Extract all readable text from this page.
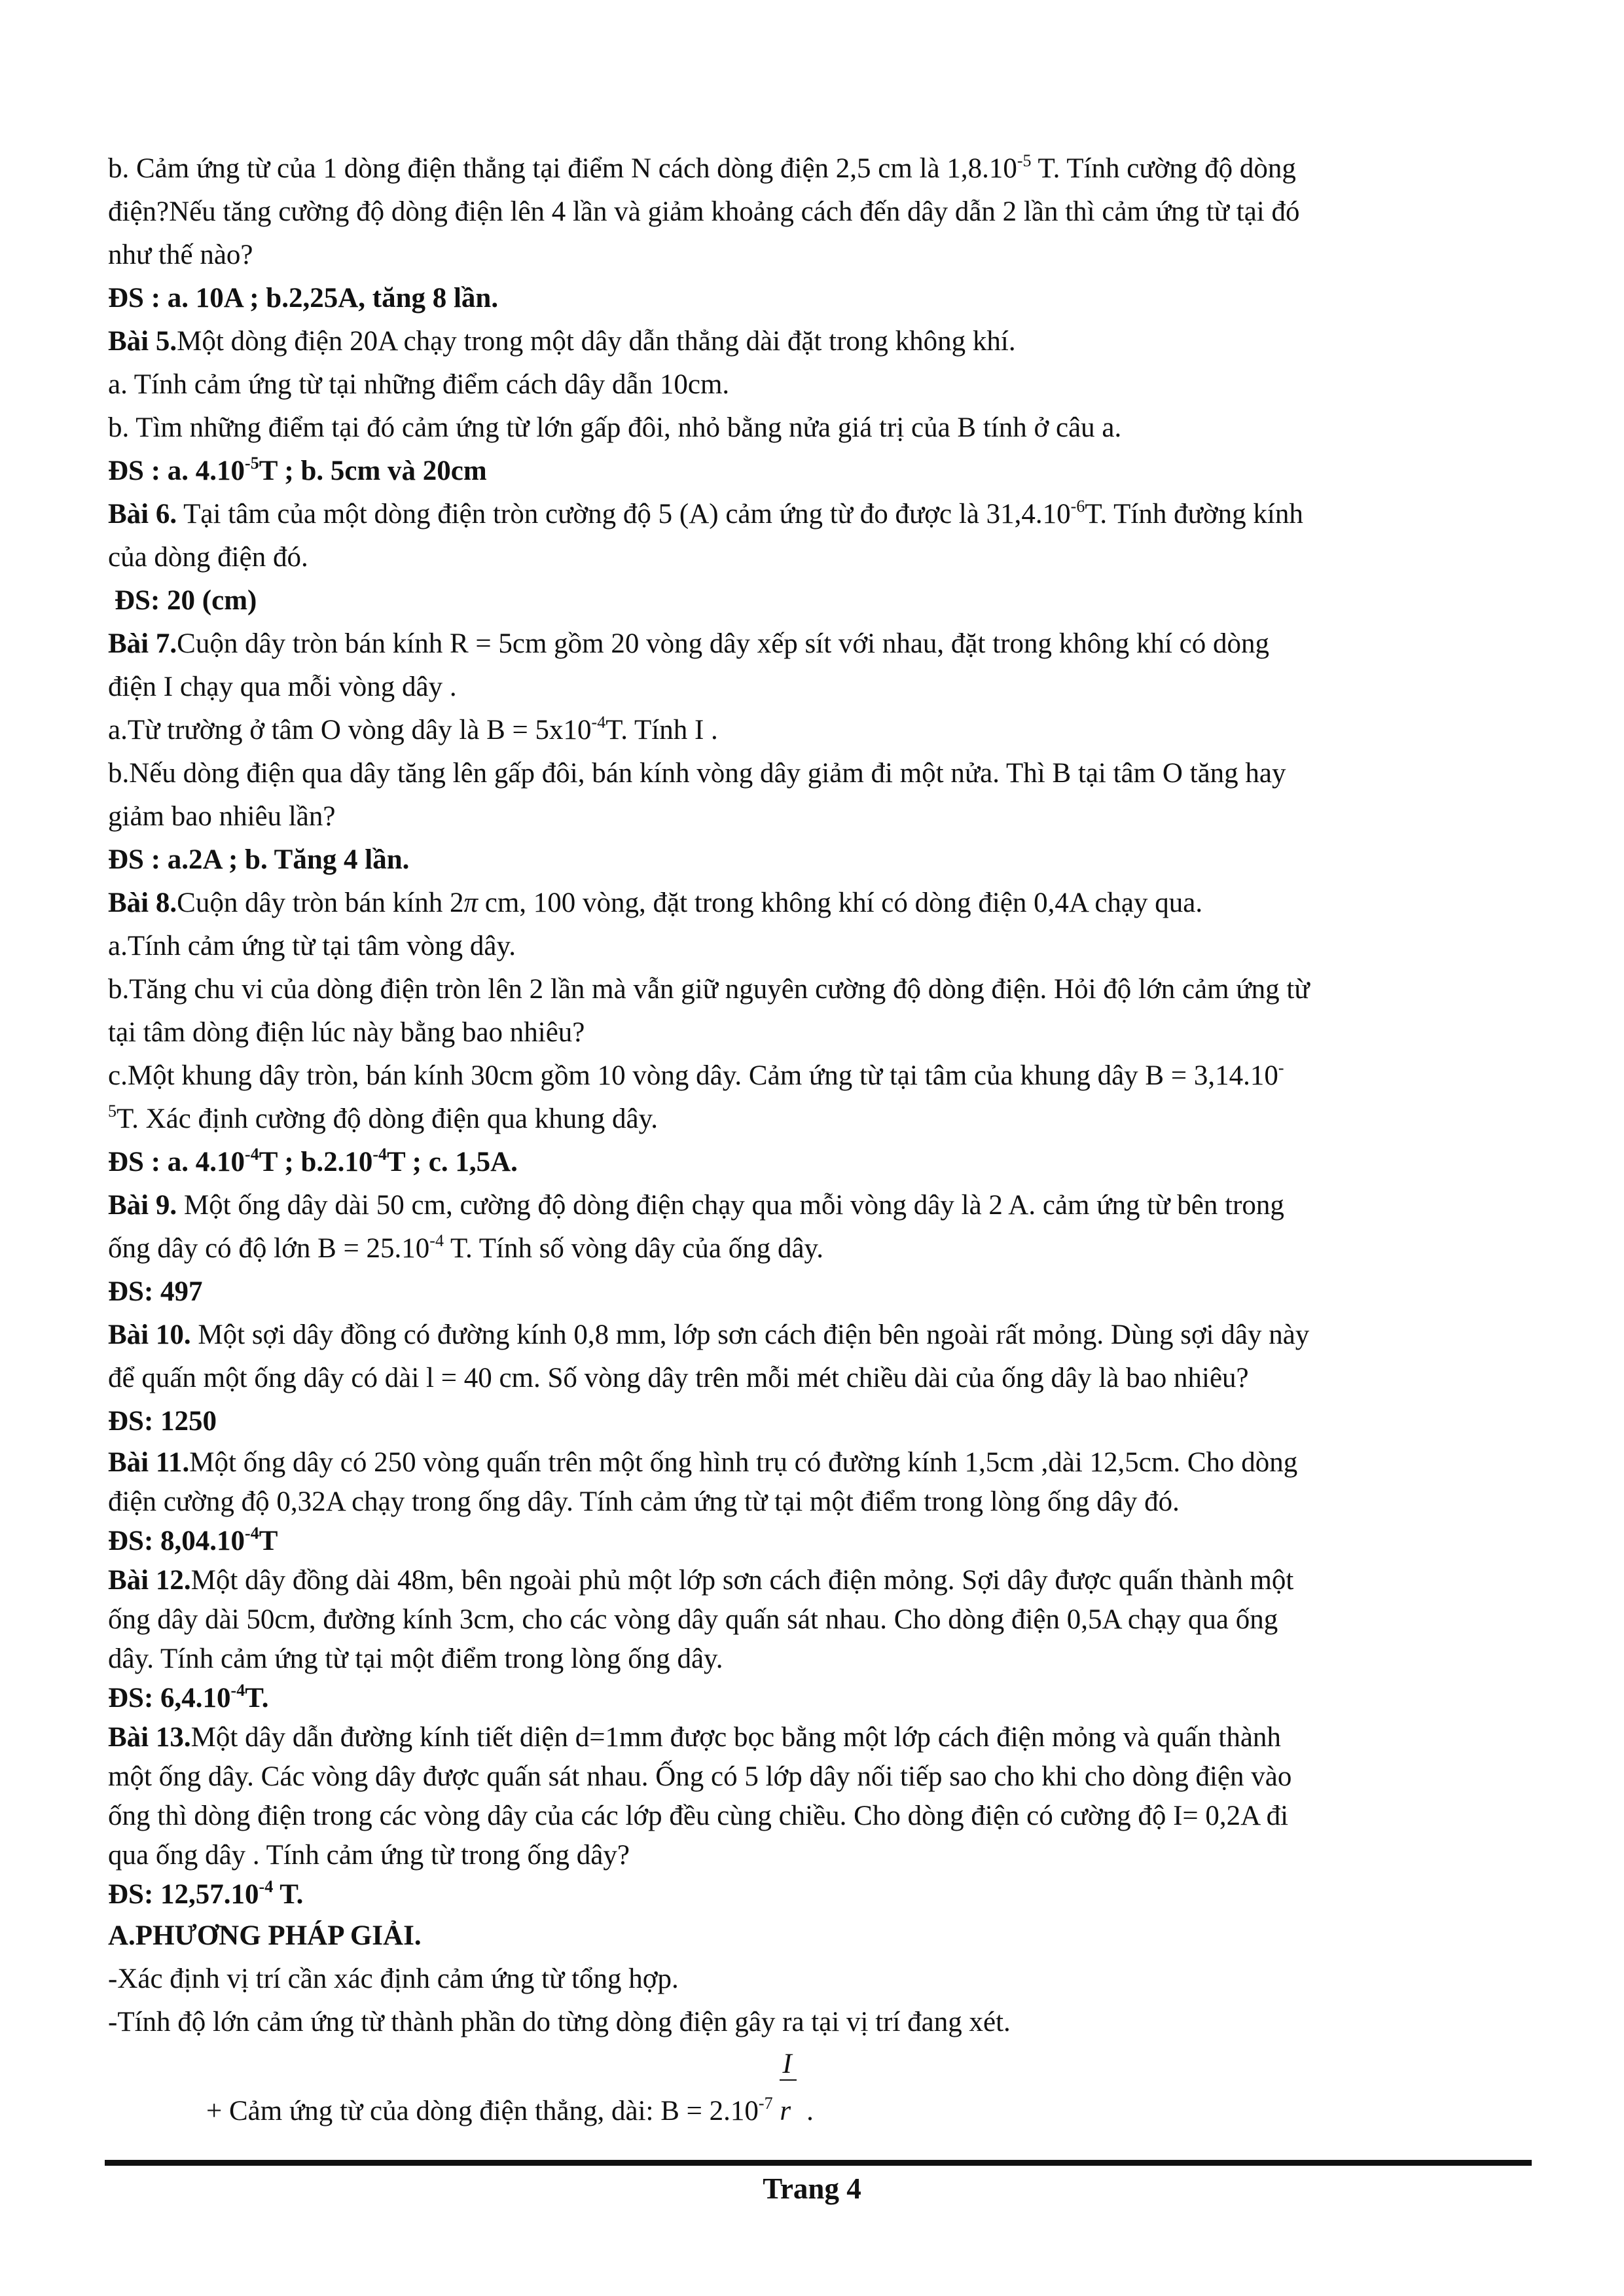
b. Cảm ứng từ của 1 dòng điện thẳng tại điểm N cách dòng điện 2,5 cm là $1,8.10^{-5}$ T. Tính cường độ dòng
điện?Nếu tăng cường độ dòng điện lên 4 lần và giảm khoảng cách đến dây dẫn 2 lần thì cảm ứng từ tại đó
như thế nào?
ĐS : a. 10A ; b.2,25A, tăng 8 lần.
Bài 5.Một dòng điện 20A chạy trong một dây dẫn thẳng dài đặt trong không khí.
a. Tính cảm ứng từ tại những điểm cách dây dẫn 10cm.
b. Tìm những điểm tại đó cảm ứng từ lớn gấp đôi, nhỏ bằng nửa giá trị của B tính ở câu a.
ĐS : a. $4.10^{-5}T$ ; b. 5cm và 20cm
Bài 6. Tại tâm của một dòng điện tròn cường độ 5 (A) cảm ứng từ đo được là $31,4.10^{-6}T$. Tính đường kính
của dòng điện đó.
ĐS: 20 (cm)
Bài 7.Cuộn dây tròn bán kính R = 5cm gồm 20 vòng dây xếp sít với nhau, đặt trong không khí có dòng
điện I chạy qua mỗi vòng dây .
a.Từ trường ở tâm O vòng dây là $B = 5x10^{-4}T$. Tính I .
b.Nếu dòng điện qua dây tăng lên gấp đôi, bán kính vòng dây giảm đi một nửa. Thì B tại tâm O tăng hay
giảm bao nhiêu lần?
ĐS : a.2A ; b. Tăng 4 lần.
Bài 8.Cuộn dây tròn bán kính 2π cm, 100 vòng, đặt trong không khí có dòng điện 0,4A chạy qua.
a.Tính cảm ứng từ tại tâm vòng dây.
b.Tăng chu vi của dòng điện tròn lên 2 lần mà vẫn giữ nguyên cường độ dòng điện. Hỏi độ lớn cảm ứng từ
tại tâm dòng điện lúc này bằng bao nhiêu?
c.Một khung dây tròn, bán kính 30cm gồm 10 vòng dây. Cảm ứng từ tại tâm của khung dây B = 3,14.10-
$^5$T. Xác định cường độ dòng điện qua khung dây.
ĐS : a. $4.10^{-4}T$ ; $b.2.10^{-4}T$ ; c. 1,5A.
Bài 9. Một ống dây dài 50 cm, cường độ dòng điện chạy qua mỗi vòng dây là 2 A. cảm ứng từ bên trong
ống dây có độ lớn $B = 25.10^{-4}$ T. Tính số vòng dây của ống dây.
ĐS: 497
Bài 10. Một sợi dây đồng có đường kính 0,8 mm, lớp sơn cách điện bên ngoài rất mỏng. Dùng sợi dây này
để quấn một ống dây có dài l = 40 cm. Số vòng dây trên mỗi mét chiều dài của ống dây là bao nhiêu?
ĐS: 1250
Bài 11.Một ống dây có 250 vòng quấn trên một ống hình trụ có đường kính 1,5cm ,dài 12,5cm. Cho dòng
điện cường độ 0,32A chạy trong ống dây. Tính cảm ứng từ tại một điểm trong lòng ống dây đó.
ĐS: $8,04.10^{-4}T$
Bài 12.Một dây đồng dài 48m, bên ngoài phủ một lớp sơn cách điện mỏng. Sợi dây được quấn thành một
ống dây dài 50cm, đường kính 3cm, cho các vòng dây quấn sát nhau. Cho dòng điện 0,5A chạy qua ống
dây. Tính cảm ứng từ tại một điểm trong lòng ống dây.
ĐS: $6,4.10^{-4}T$.
Bài 13.Một dây dẫn đường kính tiết diện d=1mm được bọc bằng một lớp cách điện mỏng và quấn thành
một ống dây. Các vòng dây được quấn sát nhau. Ống có 5 lớp dây nối tiếp sao cho khi cho dòng điện vào
ống thì dòng điện trong các vòng dây của các lớp đều cùng chiều. Cho dòng điện có cường độ I= 0,2A đi
qua ống dây . Tính cảm ứng từ trong ống dây?
ĐS: $12,57.10^{-4}$ T.
A.PHƯƠNG PHÁP GIẢI.
-Xác định vị trí cần xác định cảm ứng từ tổng hợp.
-Tính độ lớn cảm ứng từ thành phần do từng dòng điện gây ra tại vị trí đang xét.
+ Cảm ứng từ của dòng điện thẳng, dài: $B = 2.10^{-7} \frac{I}{r}$ .
Trang 4
